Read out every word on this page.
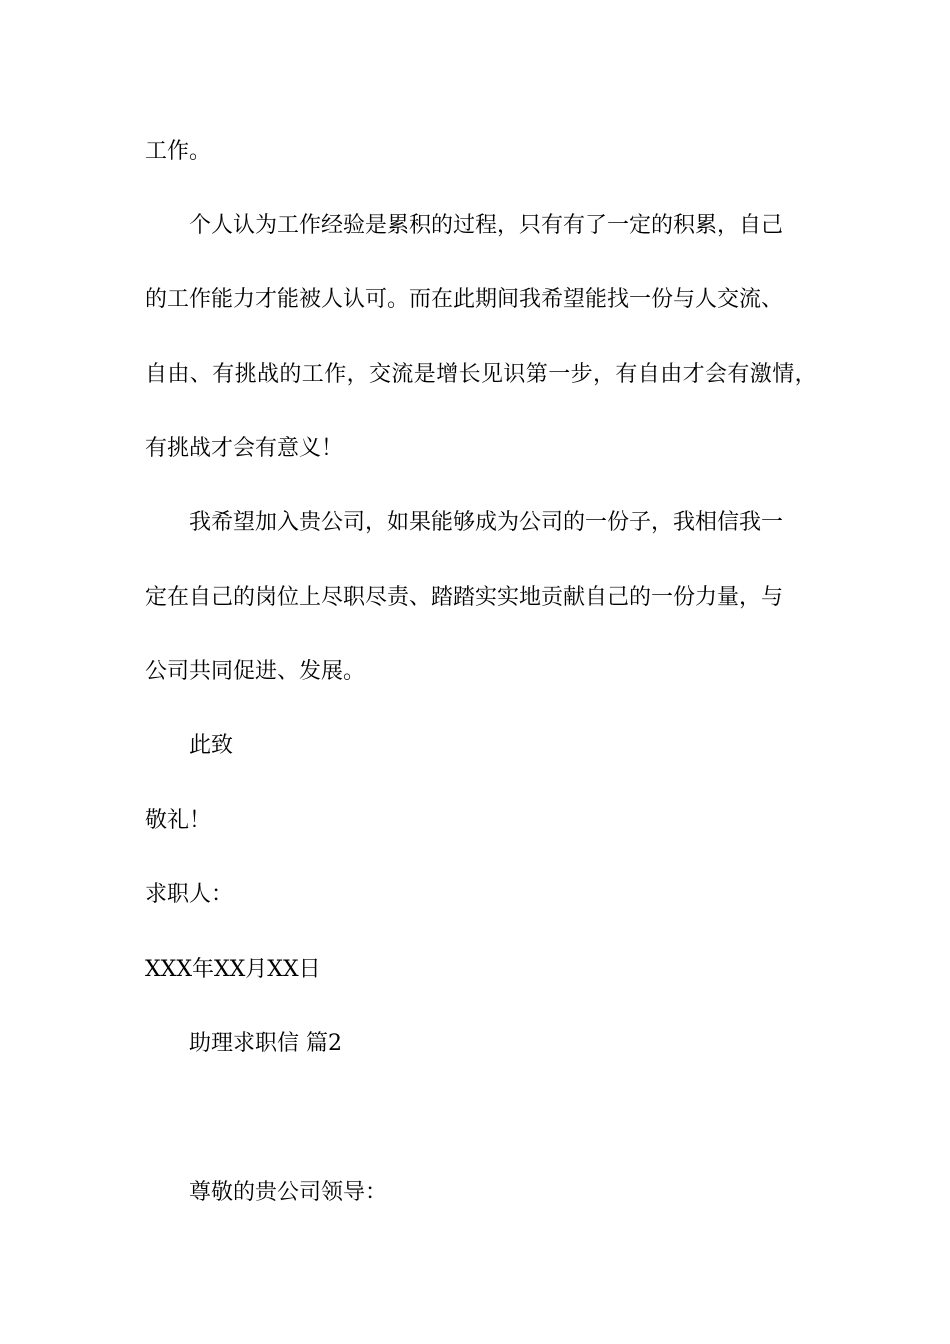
工作。
个人认为工作经验是累积的过程，只有有了一定的积累，自己
的工作能力才能被人认可。而在此期间我希望能找一份与人交流、
自由、有挑战的工作，交流是增长见识第一步，有自由才会有激情，
有挑战才会有意义！
我希望加入贵公司，如果能够成为公司的一份子，我相信我一
定在自己的岗位上尽职尽责、踏踏实实地贡献自己的一份力量，与
公司共同促进、发展。
此致
敬礼！
求职人：
XXX年XX月XX日
助理求职信 篇2
尊敬的贵公司领导：
